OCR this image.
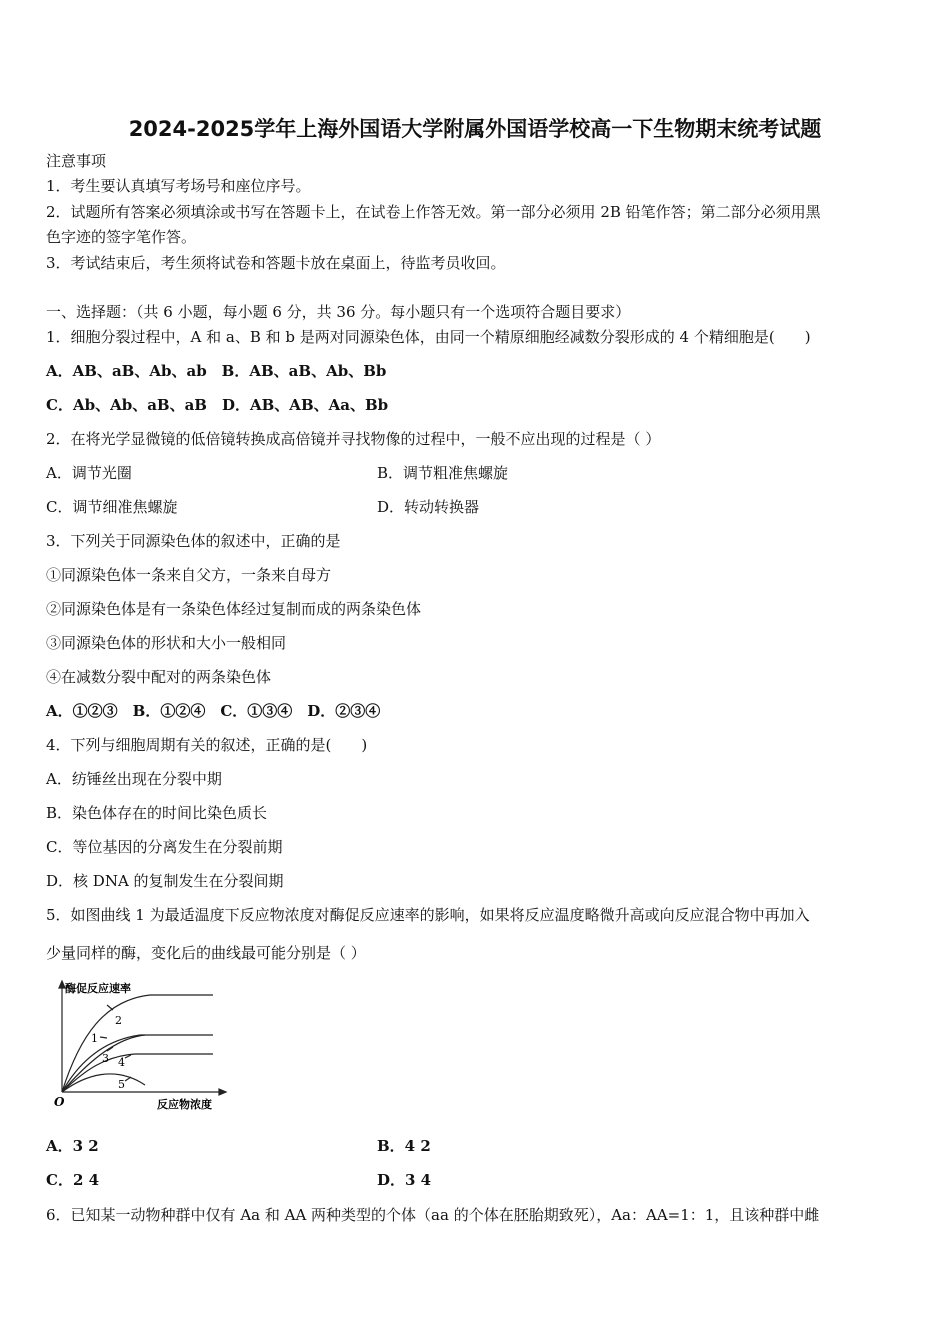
2024-2025学年上海外国语大学附属外国语学校高一下生物期末统考试题
注意事项
1．考生要认真填写考场号和座位序号。
2．试题所有答案必须填涂或书写在答题卡上，在试卷上作答无效。第一部分必须用 2B 铅笔作答；第二部分必须用黑
色字迹的签字笔作答。
3．考试结束后，考生须将试卷和答题卡放在桌面上，待监考员收回。
一、选择题：（共 6 小题，每小题 6 分，共 36 分。每小题只有一个选项符合题目要求）
1．细胞分裂过程中，A 和 a、B 和 b 是两对同源染色体，由同一个精原细胞经减数分裂形成的 4 个精细胞是(　　)
A．AB、aB、Ab、ab　B．AB、aB、Ab、Bb
C．Ab、Ab、aB、aB　D．AB、AB、Aa、Bb
2．在将光学显微镜的低倍镜转换成高倍镜并寻找物像的过程中，一般不应出现的过程是（ ）
A．调节光圈	B．调节粗准焦螺旋
C．调节细准焦螺旋	D．转动转换器
3．下列关于同源染色体的叙述中，正确的是
①同源染色体一条来自父方，一条来自母方
②同源染色体是有一条染色体经过复制而成的两条染色体
③同源染色体的形状和大小一般相同
④在减数分裂中配对的两条染色体
A．①②③　B．①②④　C．①③④　D．②③④
4．下列与细胞周期有关的叙述，正确的是(　　)
A．纺锤丝出现在分裂中期
B．染色体存在的时间比染色质长
C．等位基因的分离发生在分裂前期
D．核 DNA 的复制发生在分裂间期
5．如图曲线 1 为最适温度下反应物浓度对酶促反应速率的影响，如果将反应温度略微升高或向反应混合物中再加入
少量同样的酶，变化后的曲线最可能分别是（ ）
酶促反应速率
反应物浓度
O
2
1
3 4
5
A．3 2	B．4 2
C．2 4	D．3 4
6．已知某一动物种群中仅有 Aa 和 AA 两种类型的个体（aa 的个体在胚胎期致死），Aa：AA=1：1，且该种群中雌
